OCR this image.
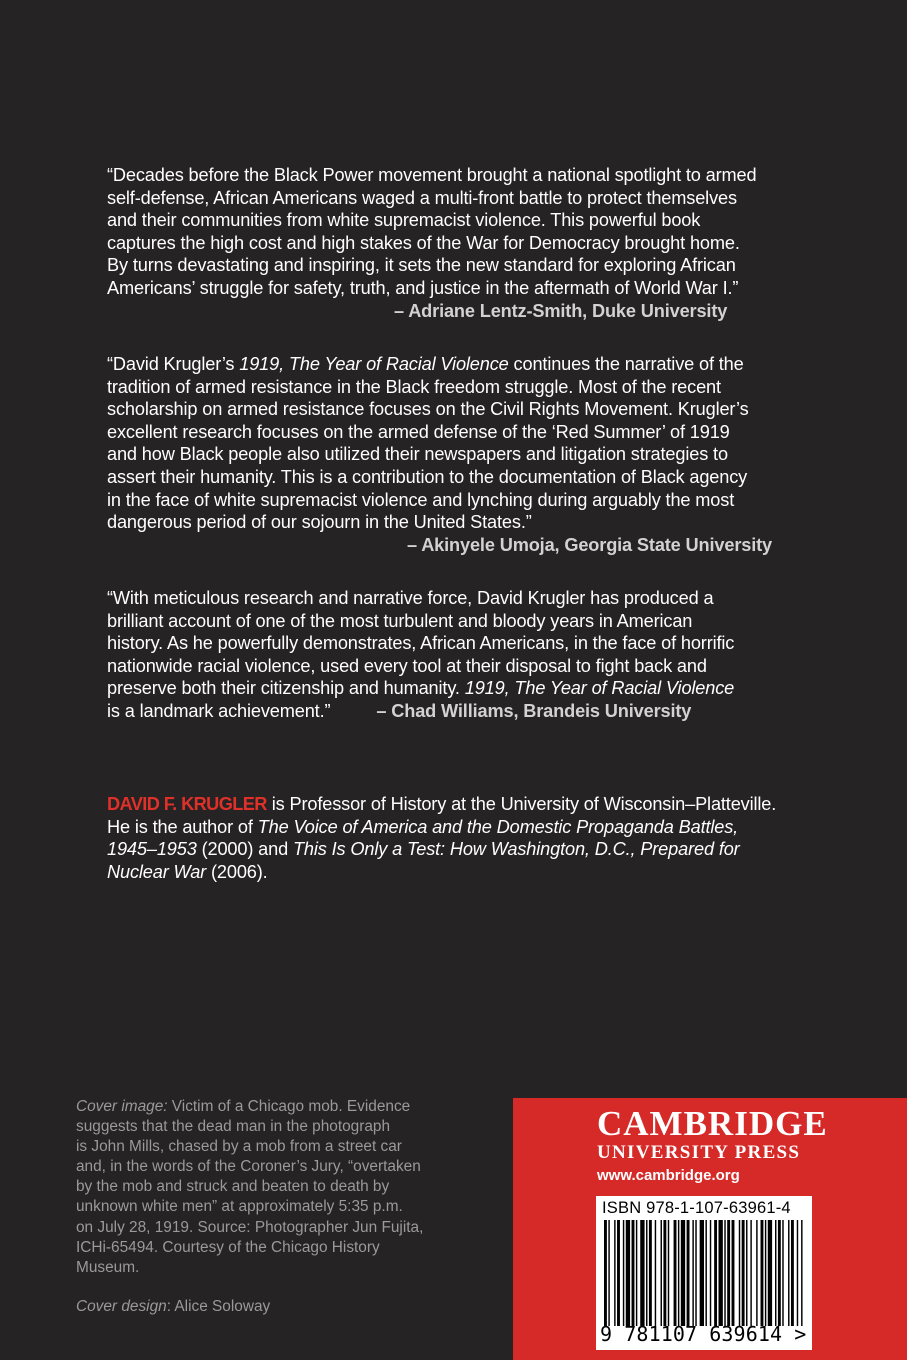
“Decades before the Black Power movement brought a national spotlight to armed
self-defense, African Americans waged a multi-front battle to protect themselves
and their communities from white supremacist violence. This powerful book
captures the high cost and high stakes of the War for Democracy brought home.
By turns devastating and inspiring, it sets the new standard for exploring African
Americans’ struggle for safety, truth, and justice in the aftermath of World War I.”
– Adriane Lentz-Smith, Duke University

“David Krugler’s 1919, The Year of Racial Violence continues the narrative of the
tradition of armed resistance in the Black freedom struggle. Most of the recent
scholarship on armed resistance focuses on the Civil Rights Movement. Krugler’s
excellent research focuses on the armed defense of the ‘Red Summer’ of 1919
and how Black people also utilized their newspapers and litigation strategies to
assert their humanity. This is a contribution to the documentation of Black agency
in the face of white supremacist violence and lynching during arguably the most
dangerous period of our sojourn in the United States.”
– Akinyele Umoja, Georgia State University

“With meticulous research and narrative force, David Krugler has produced a
brilliant account of one of the most turbulent and bloody years in American
history. As he powerfully demonstrates, African Americans, in the face of horrific
nationwide racial violence, used every tool at their disposal to fight back and
preserve both their citizenship and humanity. 1919, The Year of Racial Violence
is a landmark achievement.”	– Chad Williams, Brandeis University

DAVID F. KRUGLER is Professor of History at the University of Wisconsin–Platteville.
He is the author of The Voice of America and the Domestic Propaganda Battles,
1945–1953 (2000) and This Is Only a Test: How Washington, D.C., Prepared for
Nuclear War (2006).
Cover image: Victim of a Chicago mob. Evidence
suggests that the dead man in the photograph
is John Mills, chased by a mob from a street car
and, in the words of the Coroner’s Jury, “overtaken
by the mob and struck and beaten to death by
unknown white men” at approximately 5:35 p.m.
on July 28, 1919. Source: Photographer Jun Fujita,
ICHi-65494. Courtesy of the Chicago History
Museum.
Cover design: Alice Soloway
CAMBRIDGE
UNIVERSITY PRESS
www.cambridge.org
ISBN 978-1-107-63961-4
9 781107 639614 >
